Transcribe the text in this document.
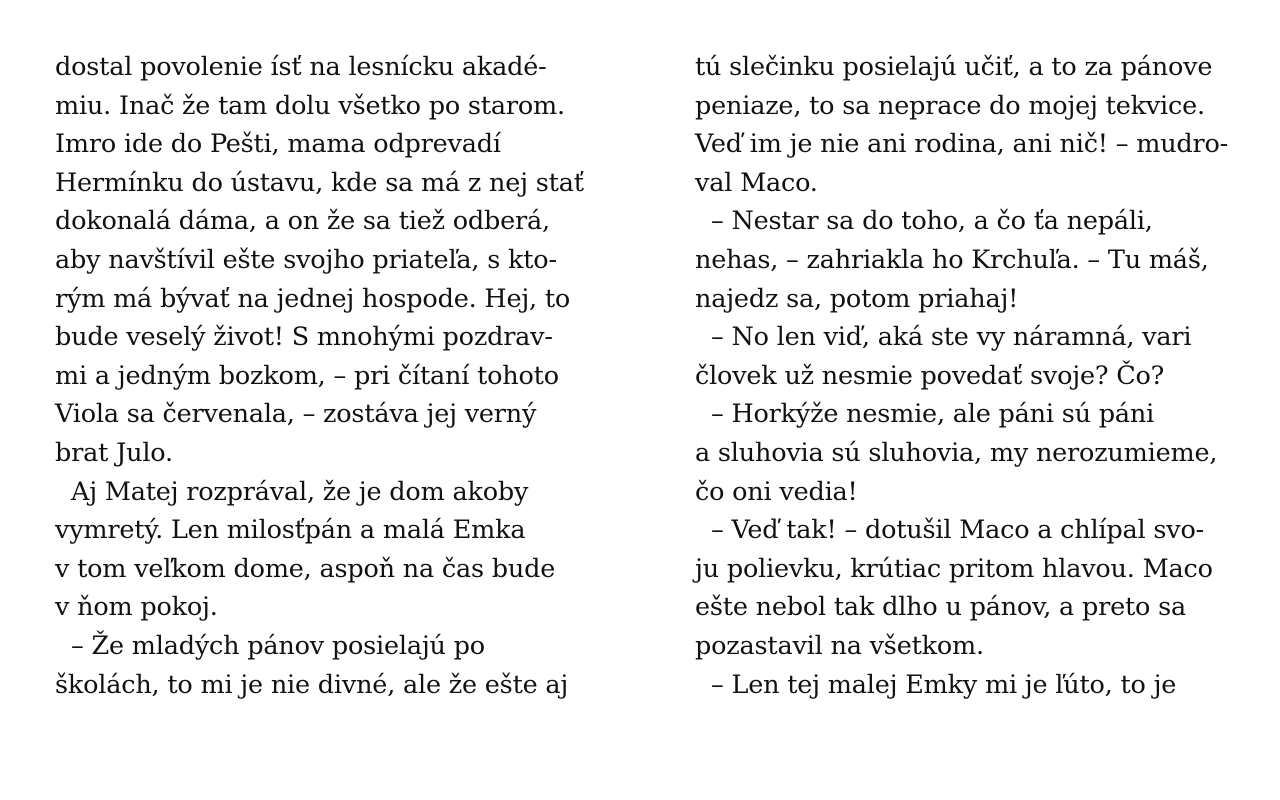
dostal povolenie ísť na lesnícku akadé-
miu. Inač že tam dolu všetko po starom.
Imro ide do Pešti, mama odprevadí
Hermínku do ústavu, kde sa má z nej stať
dokonalá dáma, a on že sa tiež odberá,
aby navštívil ešte svojho priateľa, s kto-
rým má bývať na jednej hospode. Hej, to
bude veselý život! S mnohými pozdrav-
mi a jedným bozkom, – pri čítaní tohoto
Viola sa červenala, – zostáva jej verný
brat Julo.
Aj Matej rozprával, že je dom akoby
vymretý. Len milosťpán a malá Emka
v tom veľkom dome, aspoň na čas bude
v ňom pokoj.
– Že mladých pánov posielajú po
školách, to mi je nie divné, ale že ešte aj
tú slečinku posielajú učiť, a to za pánove
peniaze, to sa neprace do mojej tekvice.
Veď im je nie ani rodina, ani nič! – mudro-
val Maco.
– Nestar sa do toho, a čo ťa nepáli,
nehas, – zahriakla ho Krchuľa. – Tu máš,
najedz sa, potom priahaj!
– No len viď, aká ste vy náramná, vari
človek už nesmie povedať svoje? Čo?
– Horkýže nesmie, ale páni sú páni
a sluhovia sú sluhovia, my nerozumieme,
čo oni vedia!
– Veď tak! – dotušil Maco a chlípal svo-
ju polievku, krútiac pritom hlavou. Maco
ešte nebol tak dlho u pánov, a preto sa
pozastavil na všetkom.
– Len tej malej Emky mi je ľúto, to je
